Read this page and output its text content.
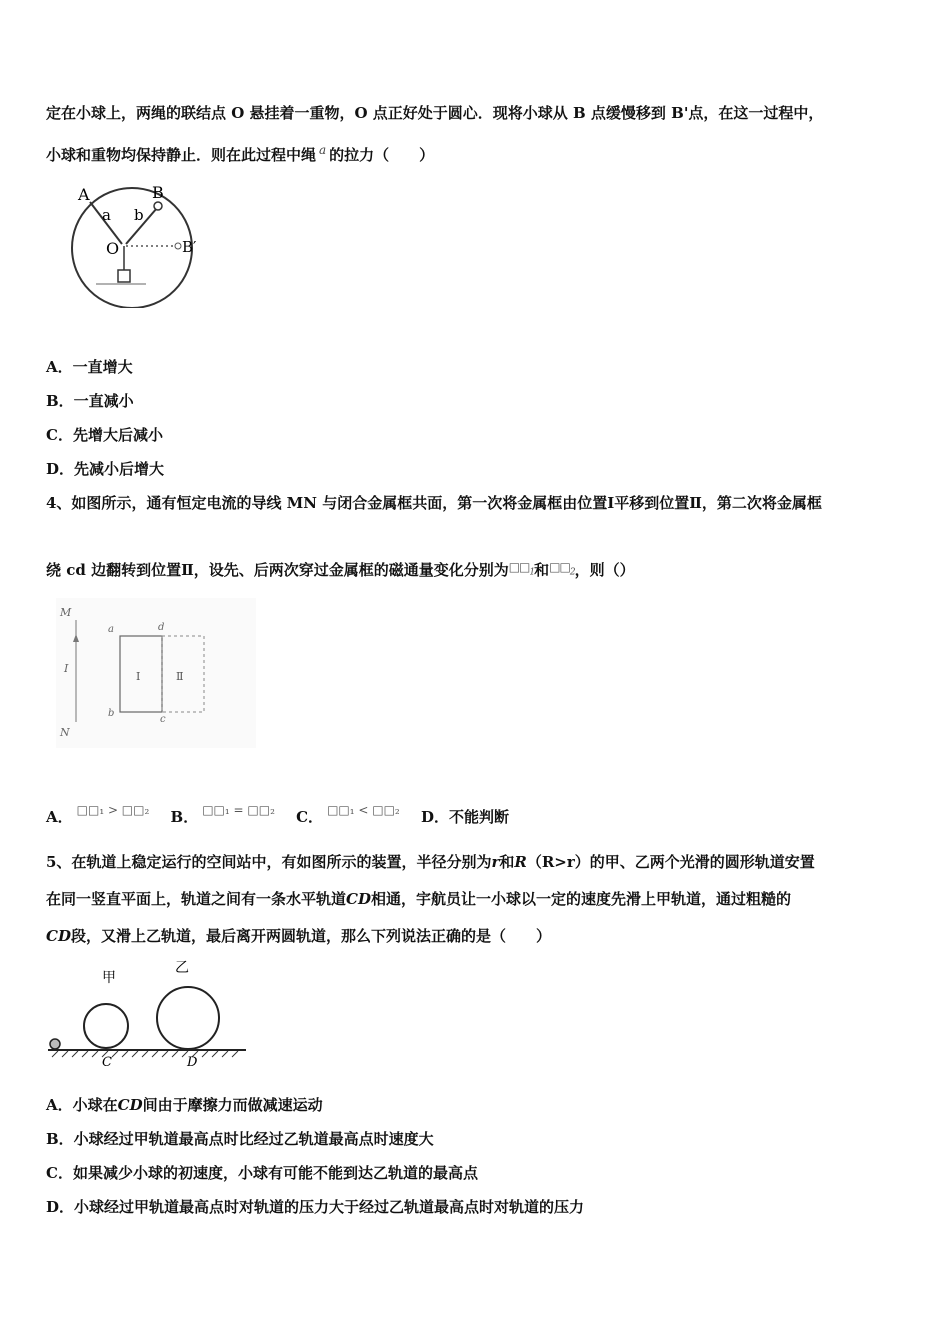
定在小球上，两绳的联结点 O 悬挂着一重物，O 点正好处于圆心．现将小球从 B 点缓慢移到 B'点，在这一过程中，
小球和重物均保持静止．则在此过程中绳 $^a$ 的拉力（　　）
A	B
B′
a b
O
A．一直增大
B．一直减小
C．先增大后减小
D．先减小后增大
4、如图所示，通有恒定电流的导线 MN 与闭合金属框共面，第一次将金属框由位置Ⅰ平移到位置Ⅱ，第二次将金属框
绕 cd 边翻转到位置Ⅱ，设先、后两次穿过金属框的磁通量变化分别为$□□_1$和$□□_2$，则（）
M
N
I
a	d
b
c
Ⅰ	Ⅱ
A． $^{□□_1 > □□_2}$ B． $^{□□_1 = □□_2}$ C． $^{□□_1 < □□_2}$ D．不能判断
5、在轨道上稳定运行的空间站中，有如图所示的装置，半径分别为r和R（R>r）的甲、乙两个光滑的圆形轨道安置
在同一竖直平面上，轨道之间有一条水平轨道CD相通，宇航员让一小球以一定的速度先滑上甲轨道，通过粗糙的
CD段，又滑上乙轨道，最后离开两圆轨道，那么下列说法正确的是（　　）
甲
乙
C	D
A．小球在CD间由于摩擦力而做减速运动
B．小球经过甲轨道最高点时比经过乙轨道最高点时速度大
C．如果减少小球的初速度，小球有可能不能到达乙轨道的最高点
D．小球经过甲轨道最高点时对轨道的压力大于经过乙轨道最高点时对轨道的压力
